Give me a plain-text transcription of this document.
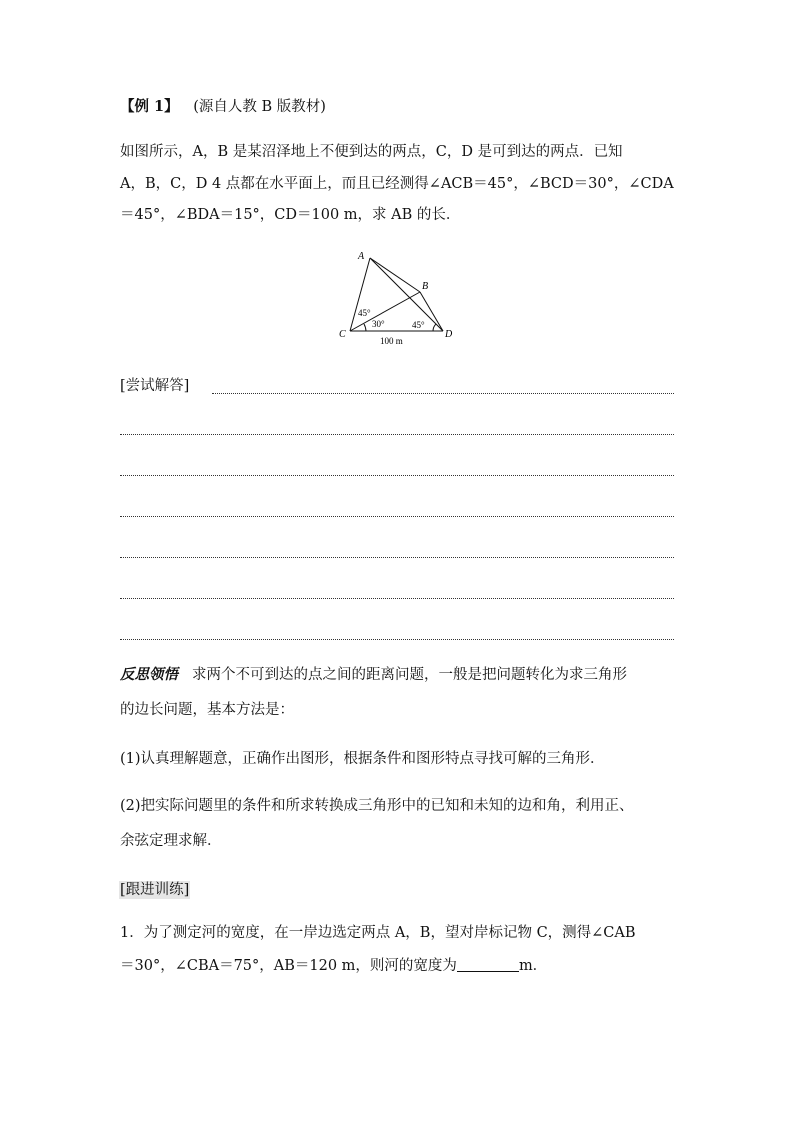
【例 1】 (源自人教 B 版教材)
如图所示，A，B 是某沼泽地上不便到达的两点，C，D 是可到达的两点．已知
A，B，C，D 4 点都在水平面上，而且已经测得∠ACB＝45°，∠BCD＝30°，∠CDA
＝45°，∠BDA＝15°，CD＝100 m，求 AB 的长．
A
B
C	D
45°
30°	45°
100 m
[尝试解答]
反思领悟 求两个不可到达的点之间的距离问题，一般是把问题转化为求三角形
的边长问题，基本方法是：
(1)认真理解题意，正确作出图形，根据条件和图形特点寻找可解的三角形．
(2)把实际问题里的条件和所求转换成三角形中的已知和未知的边和角，利用正、
余弦定理求解．
[跟进训练]
1．为了测定河的宽度，在一岸边选定两点 A，B，望对岸标记物 C，测得∠CAB
＝30°，∠CBA＝75°，AB＝120 m，则河的宽度为	m．
